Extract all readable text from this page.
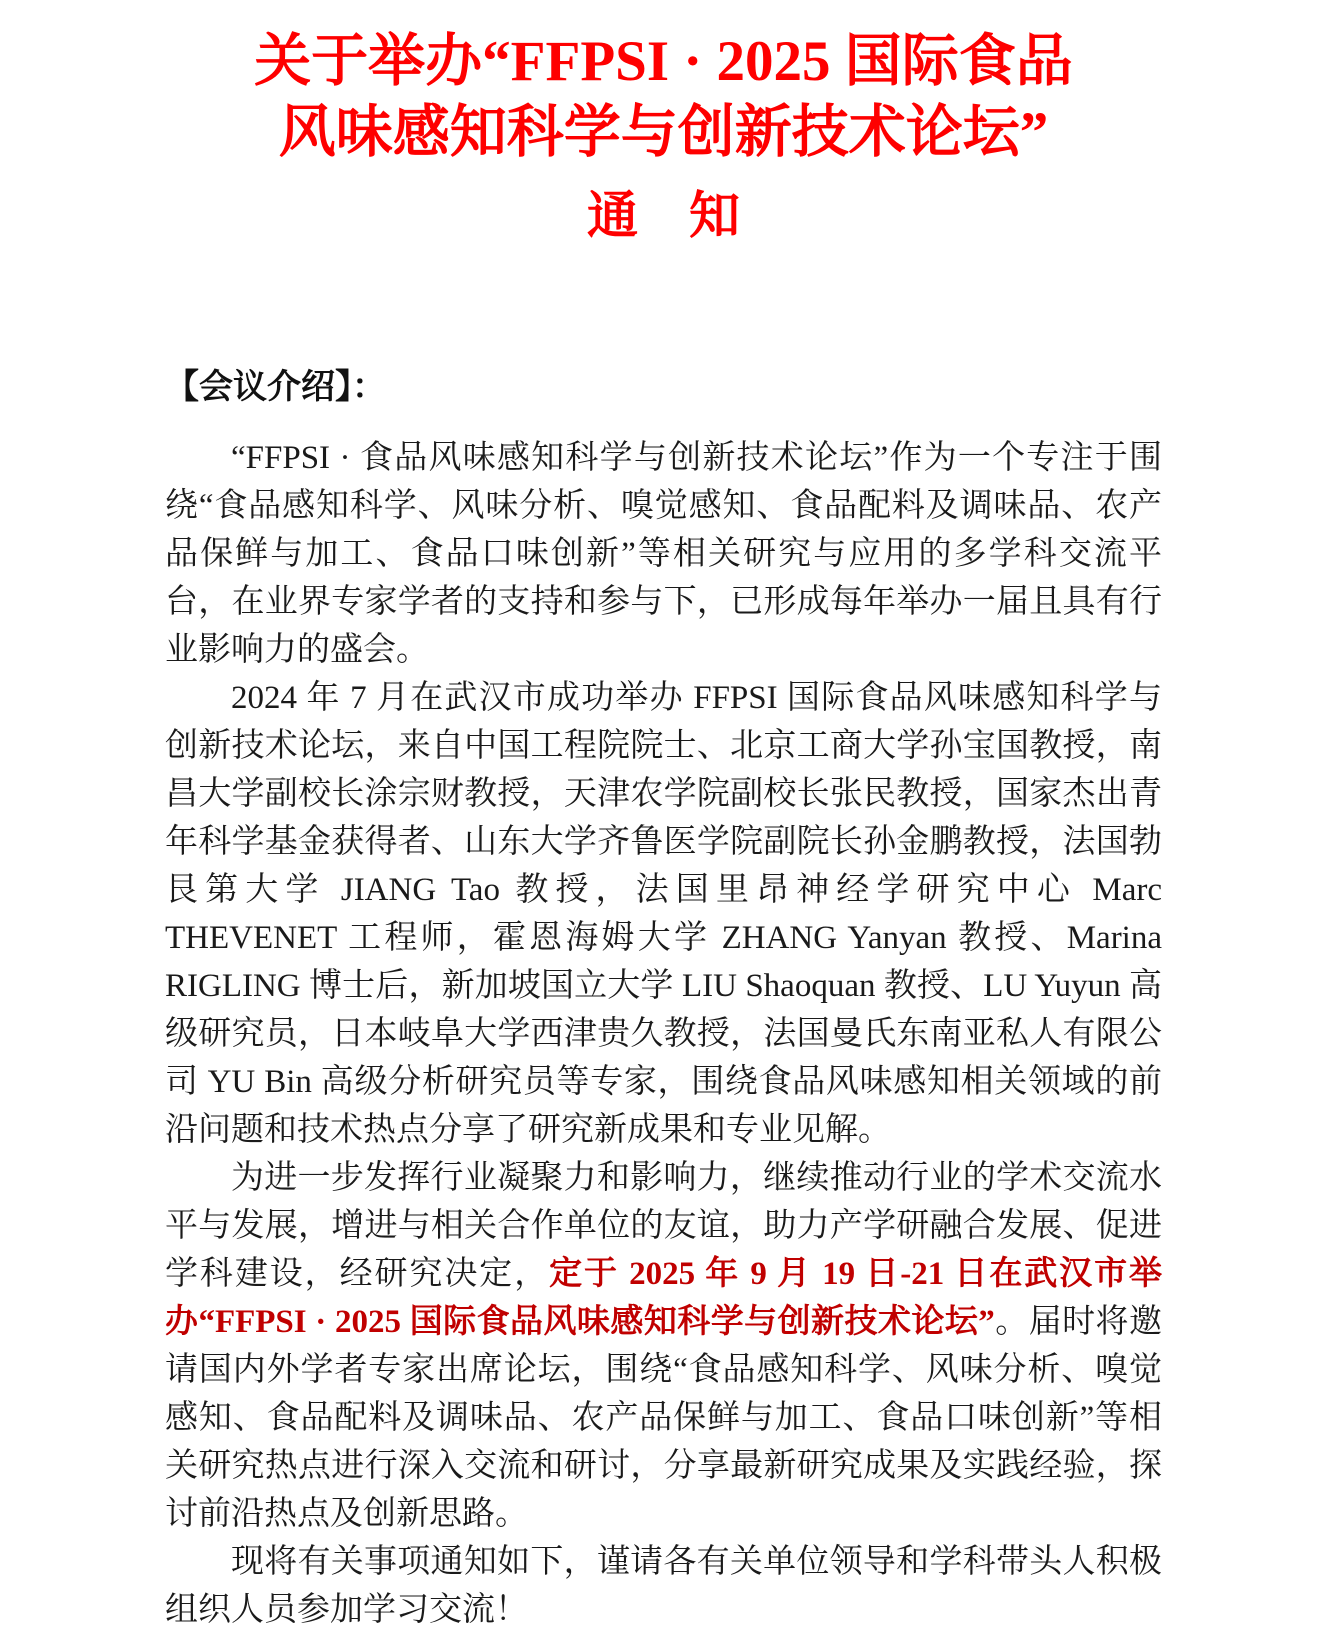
关于举办“FFPSI · 2025 国际食品
风味感知科学与创新技术论坛”
通　知
【会议介绍】：

“FFPSI · 食品风味感知科学与创新技术论坛”作为一个专注于围绕“食品感知科学、风味分析、嗅觉感知、食品配料及调味品、农产品保鲜与加工、食品口味创新”等相关研究与应用的多学科交流平台，在业界专家学者的支持和参与下，已形成每年举办一届且具有行业影响力的盛会。

2024 年 7 月在武汉市成功举办 FFPSI 国际食品风味感知科学与创新技术论坛，来自中国工程院院士、北京工商大学孙宝国教授，南昌大学副校长涂宗财教授，天津农学院副校长张民教授，国家杰出青年科学基金获得者、山东大学齐鲁医学院副院长孙金鹏教授，法国勃艮第大学 JIANG Tao 教授，法国里昂神经学研究中心 Marc THEVENET 工程师，霍恩海姆大学 ZHANG Yanyan 教授、Marina RIGLING 博士后，新加坡国立大学 LIU Shaoquan 教授、LU Yuyun 高级研究员，日本岐阜大学西津贵久教授，法国曼氏东南亚私人有限公司 YU Bin 高级分析研究员等专家，围绕食品风味感知相关领域的前沿问题和技术热点分享了研究新成果和专业见解。

为进一步发挥行业凝聚力和影响力，继续推动行业的学术交流水平与发展，增进与相关合作单位的友谊，助力产学研融合发展、促进学科建设，经研究决定，定于 2025 年 9 月 19 日-21 日在武汉市举办“FFPSI · 2025 国际食品风味感知科学与创新技术论坛”。届时将邀请国内外学者专家出席论坛，围绕“食品感知科学、风味分析、嗅觉感知、食品配料及调味品、农产品保鲜与加工、食品口味创新”等相关研究热点进行深入交流和研讨，分享最新研究成果及实践经验，探讨前沿热点及创新思路。

现将有关事项通知如下，谨请各有关单位领导和学科带头人积极组织人员参加学习交流！
